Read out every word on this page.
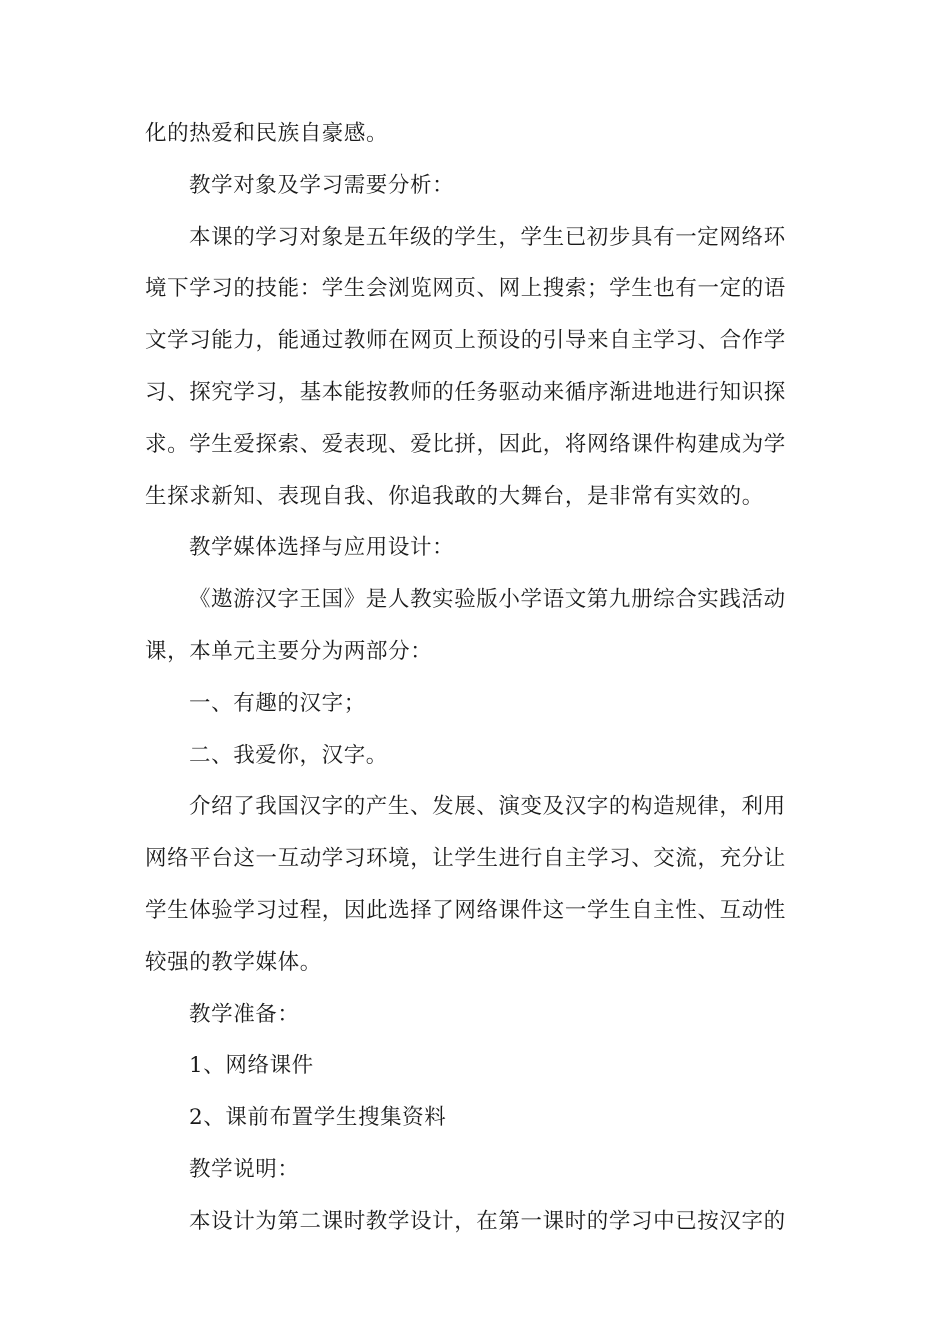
化的热爱和民族自豪感。
教学对象及学习需要分析：
本课的学习对象是五年级的学生，学生已初步具有一定网络环
境下学习的技能：学生会浏览网页、网上搜索；学生也有一定的语
文学习能力，能通过教师在网页上预设的引导来自主学习、合作学
习、探究学习，基本能按教师的任务驱动来循序渐进地进行知识探
求。学生爱探索、爱表现、爱比拼，因此，将网络课件构建成为学
生探求新知、表现自我、你追我敢的大舞台，是非常有实效的。
教学媒体选择与应用设计：
《遨游汉字王国》是人教实验版小学语文第九册综合实践活动
课，本单元主要分为两部分：
一、有趣的汉字；
二、我爱你，汉字。
介绍了我国汉字的产生、发展、演变及汉字的构造规律，利用
网络平台这一互动学习环境，让学生进行自主学习、交流，充分让
学生体验学习过程，因此选择了网络课件这一学生自主性、互动性
较强的教学媒体。
教学准备：
1、网络课件
2、课前布置学生搜集资料
教学说明：
本设计为第二课时教学设计，在第一课时的学习中已按汉字的
